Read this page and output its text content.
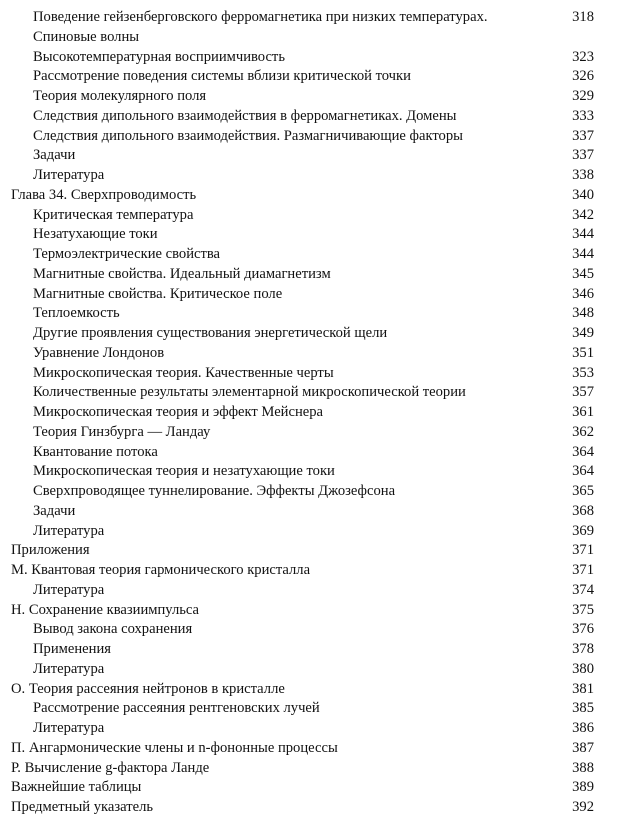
Поведение гейзенберговского ферромагнетика при низких температурах.	318
Спиновые волны
Высокотемпературная восприимчивость	323
Рассмотрение поведения системы вблизи критической точки	326
Теория молекулярного поля	329
Следствия дипольного взаимодействия в ферромагнетиках. Домены	333
Следствия дипольного взаимодействия. Размагничивающие факторы	337
Задачи	337
Литература	338
Глава 34. Сверхпроводимость	340
Критическая температура	342
Незатухающие токи	344
Термоэлектрические свойства	344
Магнитные свойства. Идеальный диамагнетизм	345
Магнитные свойства. Критическое поле	346
Теплоемкость	348
Другие проявления существования энергетической щели	349
Уравнение Лондонов	351
Микроскопическая теория. Качественные черты	353
Количественные результаты элементарной микроскопической теории	357
Микроскопическая теория и эффект Мейснера	361
Теория Гинзбурга — Ландау	362
Квантование потока	364
Микроскопическая теория и незатухающие токи	364
Сверхпроводящее туннелирование. Эффекты Джозефсона	365
Задачи	368
Литература	369
Приложения	371
М. Квантовая теория гармонического кристалла	371
Литература	374
Н. Сохранение квазиимпульса	375
Вывод закона сохранения	376
Применения	378
Литература	380
О. Теория рассеяния нейтронов в кристалле	381
Рассмотрение рассеяния рентгеновских лучей	385
Литература	386
П. Ангармонические члены и n-фононные процессы	387
Р. Вычисление g-фактора Ланде	388
Важнейшие таблицы	389
Предметный указатель	392
